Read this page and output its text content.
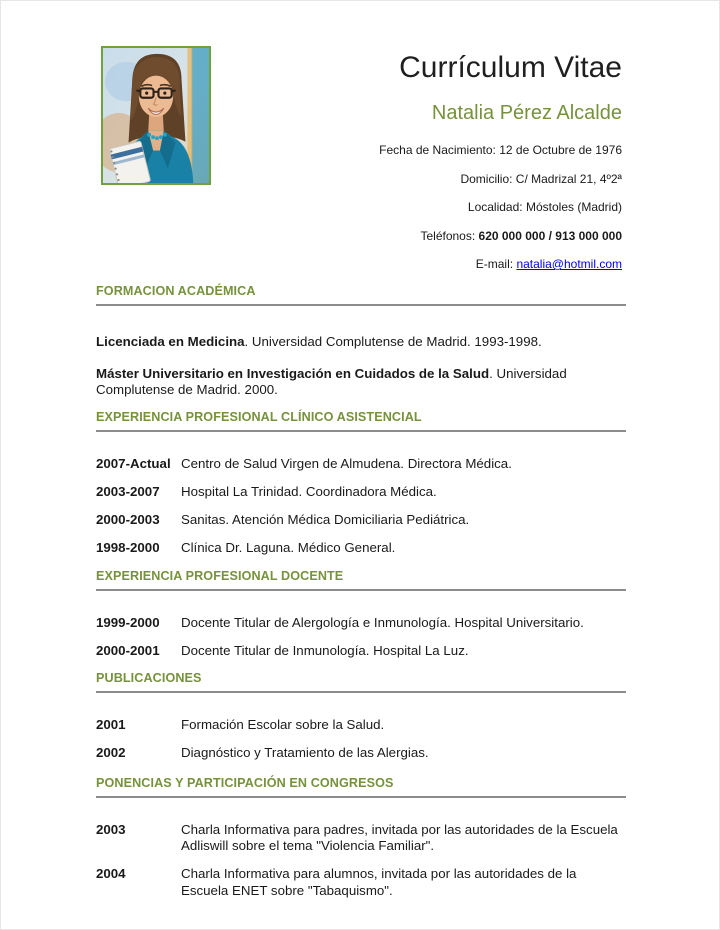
Currículum Vitae
Natalia Pérez Alcalde
Fecha de Nacimiento: 12 de Octubre de 1976
Domicilio: C/ Madrizal 21, 4º2ª
Localidad: Móstoles (Madrid)
Teléfonos: 620 000 000 / 913 000 000
E-mail: natalia@hotmil.com
FORMACION ACADÉMICA

Licenciada en Medicina. Universidad Complutense de Madrid. 1993-1998.

Máster Universitario en Investigación en Cuidados de la Salud. Universidad Complutense de Madrid. 2000.

EXPERIENCIA PROFESIONAL CLÍNICO ASISTENCIAL
2007-Actual Centro de Salud Virgen de Almudena. Directora Médica.
2003-2007	Hospital La Trinidad. Coordinadora Médica.
2000-2003	Sanitas. Atención Médica Domiciliaria Pediátrica.
1998-2000	Clínica Dr. Laguna. Médico General.
EXPERIENCIA PROFESIONAL DOCENTE
1999-2000	Docente Titular de Alergología e Inmunología. Hospital Universitario.
2000-2001	Docente Titular de Inmunología. Hospital La Luz.
PUBLICACIONES
2001	Formación Escolar sobre la Salud.
2002	Diagnóstico y Tratamiento de las Alergias.
PONENCIAS Y PARTICIPACIÓN EN CONGRESOS
2003	Charla Informativa para padres, invitada por las autoridades de la Escuela Adliswill sobre el tema "Violencia Familiar".
2004	Charla Informativa para alumnos, invitada por las autoridades de la Escuela ENET sobre "Tabaquismo".
